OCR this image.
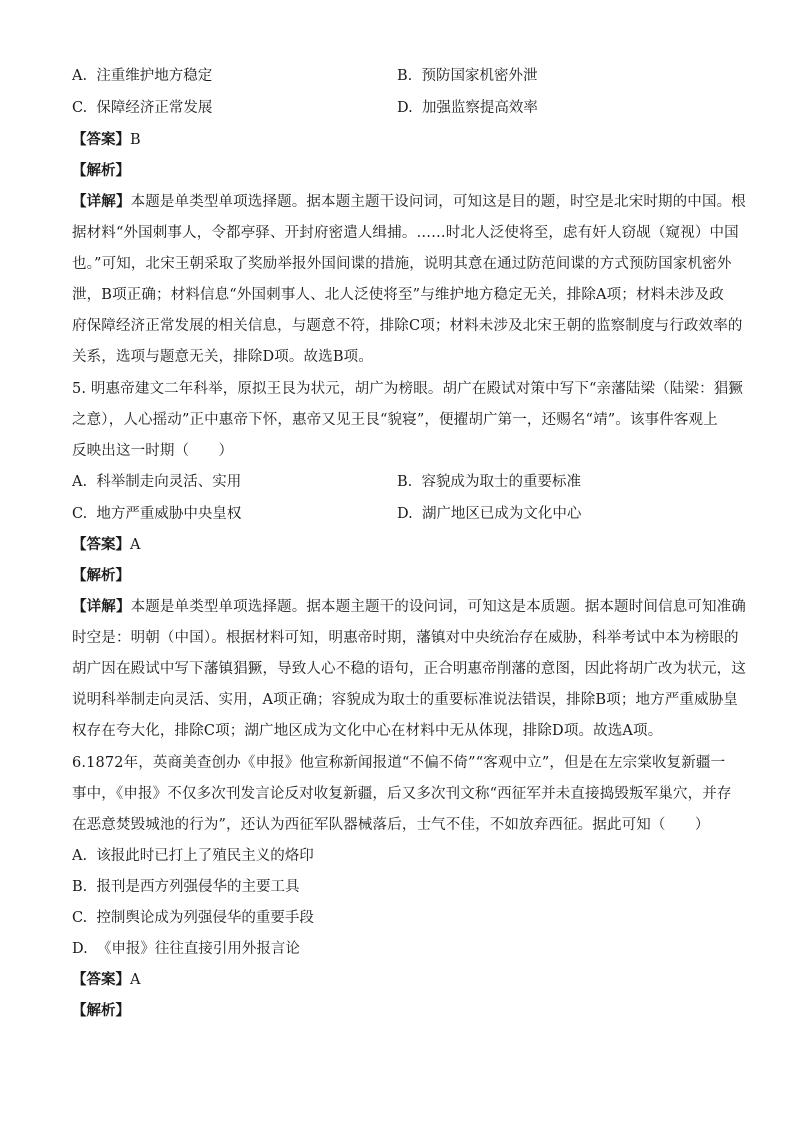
A. 注重维护地方稳定	B. 预防国家机密外泄
C. 保障经济正常发展	D. 加强监察提高效率
【答案】B
【解析】
【详解】本题是单类型单项选择题。据本题主题干设问词，可知这是目的题，时空是北宋时期的中国。根
据材料“外国刺事人，令都亭驿、开封府密遣人缉捕。……时北人泛使将至，虑有奸人窃觇（窥视）中国
也。”可知，北宋王朝采取了奖励举报外国间谍的措施，说明其意在通过防范间谍的方式预防国家机密外
泄，B项正确；材料信息“外国刺事人、北人泛使将至”与维护地方稳定无关，排除A项；材料未涉及政
府保障经济正常发展的相关信息，与题意不符，排除C项；材料未涉及北宋王朝的监察制度与行政效率的
关系，选项与题意无关，排除D项。故选B项。
5. 明惠帝建文二年科举，原拟王艮为状元，胡广为榜眼。胡广在殿试对策中写下“亲藩陆梁（陆梁：猖獗
之意），人心摇动”正中惠帝下怀，惠帝又见王艮“貌寝”，便擢胡广第一，还赐名“靖”。该事件客观上
反映出这一时期（　　）
A. 科举制走向灵活、实用	B. 容貌成为取士的重要标准
C. 地方严重威胁中央皇权	D. 湖广地区已成为文化中心
【答案】A
【解析】
【详解】本题是单类型单项选择题。据本题主题干的设问词，可知这是本质题。据本题时间信息可知准确
时空是：明朝（中国）。根据材料可知，明惠帝时期，藩镇对中央统治存在威胁，科举考试中本为榜眼的
胡广因在殿试中写下藩镇猖獗，导致人心不稳的语句，正合明惠帝削藩的意图，因此将胡广改为状元，这
说明科举制走向灵活、实用，A项正确；容貌成为取士的重要标准说法错误，排除B项；地方严重威胁皇
权存在夸大化，排除C项；湖广地区成为文化中心在材料中无从体现，排除D项。故选A项。
6.1872年，英商美查创办《申报》他宣称新闻报道“不偏不倚”“客观中立”，但是在左宗棠收复新疆一
事中，《申报》不仅多次刊发言论反对收复新疆，后又多次刊文称“西征军并未直接捣毁叛军巢穴，并存
在恶意焚毁城池的行为”，还认为西征军队器械落后，士气不佳，不如放弃西征。据此可知（　　）
A. 该报此时已打上了殖民主义的烙印
B. 报刊是西方列强侵华的主要工具
C. 控制舆论成为列强侵华的重要手段
D. 《申报》往往直接引用外报言论
【答案】A
【解析】
